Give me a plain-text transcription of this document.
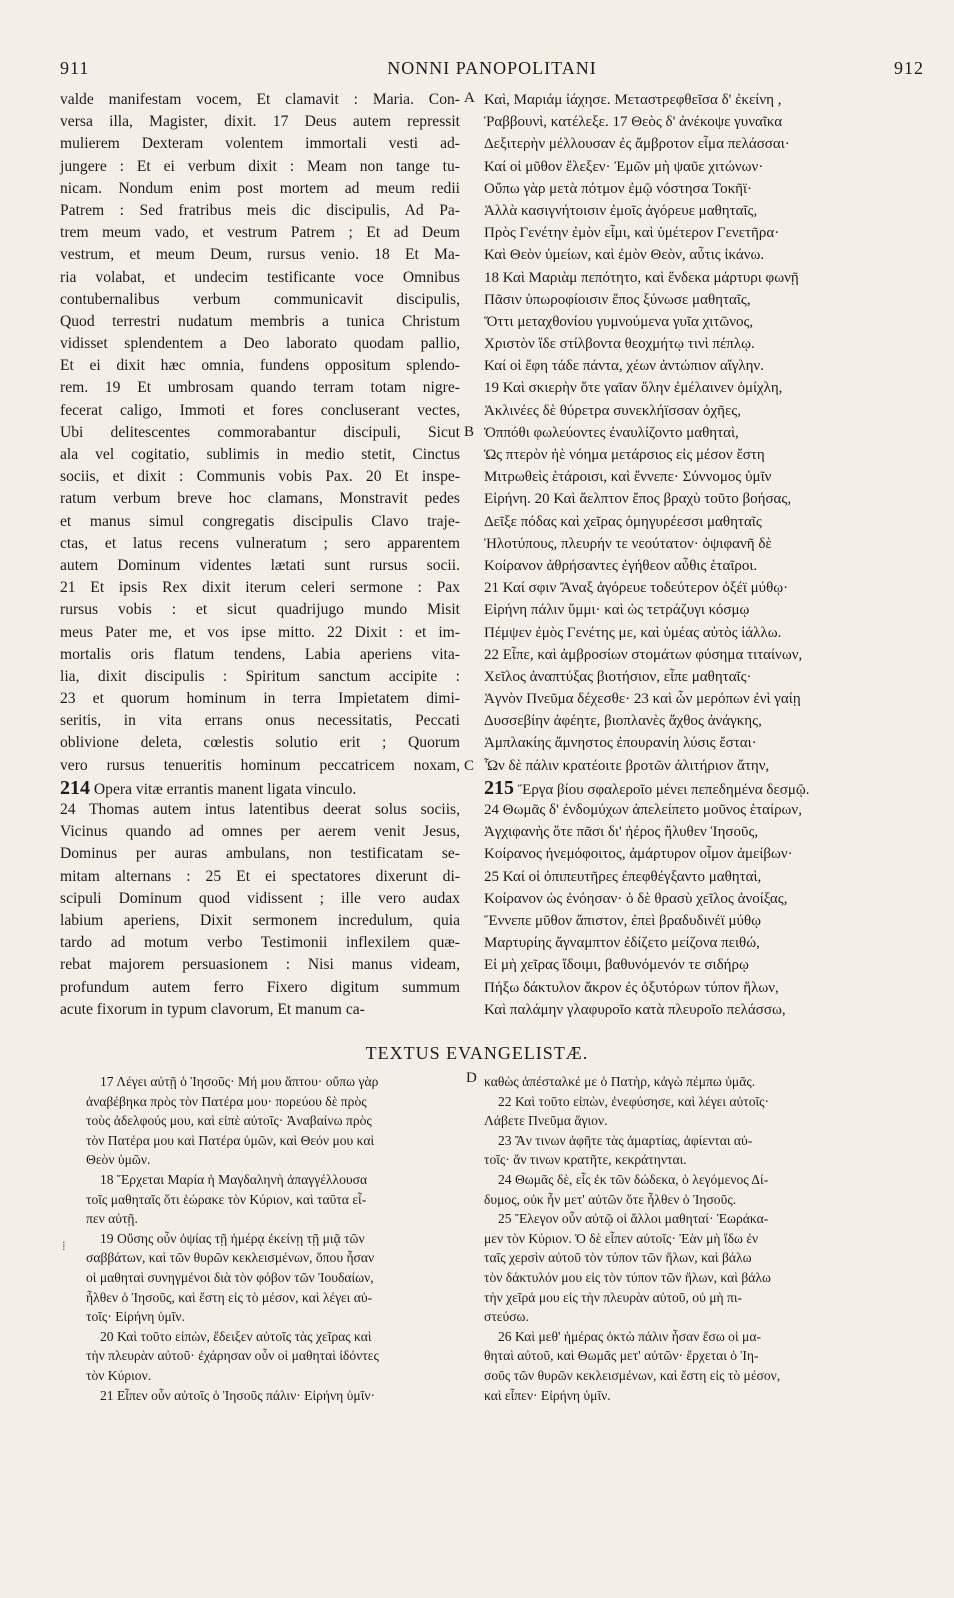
911	NONNI PANOPOLITANI	912
A
B
C
D
valde manifestam vocem, Et clamavit : Maria. Con-
versa illa, Magister, dixit. 17 Deus autem repressit
mulierem Dexteram volentem immortali vesti ad-
jungere : Et ei verbum dixit : Meam non tange tu-
nicam. Nondum enim post mortem ad meum redii
Patrem : Sed fratribus meis dic discipulis, Ad Pa-
trem meum vado, et vestrum Patrem ; Et ad Deum
vestrum, et meum Deum, rursus venio. 18 Et Ma-
ria volabat, et undecim testificante voce Omnibus
contubernalibus verbum communicavit discipulis,
Quod terrestri nudatum membris a tunica Christum
vidisset splendentem a Deo laborato quodam pallio,
Et ei dixit hæc omnia, fundens oppositum splendo-
rem. 19 Et umbrosam quando terram totam nigre-
fecerat caligo, Immoti et fores concluserant vectes,
Ubi delitescentes commorabantur discipuli, Sicut
ala vel cogitatio, sublimis in medio stetit, Cinctus
sociis, et dixit : Communis vobis Pax. 20 Et inspe-
ratum verbum breve hoc clamans, Monstravit pedes
et manus simul congregatis discipulis Clavo traje-
ctas, et latus recens vulneratum ; sero apparentem
autem Dominum videntes lætati sunt rursus socii.
21 Et ipsis Rex dixit iterum celeri sermone : Pax
rursus vobis : et sicut quadrijugo mundo Misit
meus Pater me, et vos ipse mitto. 22 Dixit : et im-
mortalis oris flatum tendens, Labia aperiens vita-
lia, dixit discipulis : Spiritum sanctum accipite :
23 et quorum hominum in terra Impietatem dimi-
seritis, in vita errans onus necessitatis, Peccati
oblivione deleta, cœlestis solutio erit ; Quorum
vero rursus tenueritis hominum peccatricem noxam,
214 Opera vitæ errantis manent ligata vinculo.
24 Thomas autem intus latentibus deerat solus sociis,
Vicinus quando ad omnes per aerem venit Jesus,
Dominus per auras ambulans, non testificatam se-
mitam alternans : 25 Et ei spectatores dixerunt di-
scipuli Dominum quod vidissent ; ille vero audax
labium aperiens, Dixit sermonem incredulum, quia
tardo ad motum verbo Testimonii inflexilem quæ-
rebat majorem persuasionem : Nisi manus videam,
profundum autem ferro Fixero digitum summum
acute fixorum in typum clavorum, Et manum ca-
Καὶ, Μαριάμ ἰάχησε. Μεταστρεφθεῖσα δ' ἐκείνη ,
Ῥαββουνὶ, κατέλεξε. 17 Θεὸς δ' ἀνέκοψε γυναῖκα
Δεξιτερὴν μέλλουσαν ἐς ἄμβροτον εἷμα πελάσσαι·
Καί οἱ μῦθον ἔλεξεν· Ἐμῶν μὴ ψαῦε χιτώνων·
Οὔπω γὰρ μετὰ πότμον ἐμῷ νόστησα Τοκῆϊ·
Ἀλλὰ κασιγνήτοισιν ἐμοῖς ἀγόρευε μαθηταῖς,
Πρὸς Γενέτην ἐμὸν εἶμι, καὶ ὑμέτερον Γενετῆρα·
Καὶ Θεὸν ὑμείων, καὶ ἐμὸν Θεὸν, αὖτις ἱκάνω.
18 Καὶ Μαριὰμ πεπότητο, καὶ ἕνδεκα μάρτυρι φωνῇ
Πᾶσιν ὑπωροφίοισιν ἔπος ξύνωσε μαθηταῖς,
Ὅττι μεταχθονίου γυμνούμενα γυῖα χιτῶνος,
Χριστὸν ἴδε στίλβοντα θεοχμήτῳ τινὶ πέπλῳ.
Καί οἱ ἔφη τάδε πάντα, χέων ἀντώπιον αἴγλην.
19 Καὶ σκιερὴν ὅτε γαῖαν ὅλην ἐμέλαινεν ὀμίχλη,
Ἀκλινέες δὲ θύρετρα συνεκλήϊσσαν ὀχῆες,
Ὁππόθι φωλεύοντες ἐναυλίζοντο μαθηταὶ,
Ὡς πτερὸν ἠὲ νόημα μετάρσιος εἰς μέσον ἔστη
Μιτρωθεὶς ἑτάροισι, καὶ ἔννεπε· Σύννομος ὑμῖν
Εἰρήνη. 20 Καὶ ἄελπτον ἔπος βραχὺ τοῦτο βοήσας,
Δεῖξε πόδας καὶ χεῖρας ὁμηγυρέεσσι μαθηταῖς
Ἡλοτύπους, πλευρήν τε νεούτατον· ὀψιφανῆ δὲ
Κοίρανον ἀθρήσαντες ἐγήθεον αὖθις ἑταῖροι.
21 Καί σφιν Ἄναξ ἀγόρευε τοδεύτερον ὀξέϊ μύθῳ·
Εἰρήνη πάλιν ὕμμι· καὶ ὡς τετράζυγι κόσμῳ
Πέμψεν ἐμὸς Γενέτης με, καὶ ὑμέας αὐτὸς ἰάλλω.
22 Εἶπε, καὶ ἀμβροσίων στομάτων φύσημα τιταίνων,
Χεῖλος ἀναπτύξας βιοτήσιον, εἶπε μαθηταῖς·
Ἁγνὸν Πνεῦμα δέχεσθε· 23 καὶ ὧν μερόπων ἐνὶ γαίῃ
Δυσσεβίην ἀφέητε, βιοπλανὲς ἄχθος ἀνάγκης,
Ἀμπλακίης ἄμνηστος ἐπουρανίη λύσις ἔσται·
Ὧν δὲ πάλιν κρατέοιτε βροτῶν ἀλιτήριον ἄτην,
215 Ἔργα βίου σφαλεροῖο μένει πεπεδημένα δεσμῷ.
24 Θωμᾶς δ' ἐνδομύχων ἀπελείπετο μοῦνος ἑταίρων,
Ἀγχιφανὴς ὅτε πᾶσι δι' ἠέρος ἤλυθεν Ἰησοῦς,
Κοίρανος ἠνεμόφοιτος, ἀμάρτυρον οἶμον ἀμείβων·
25 Καί οἱ ὀπιπευτῆρες ἐπεφθέγξαντο μαθηταὶ,
Κοίρανον ὡς ἐνόησαν· ὁ δὲ θρασὺ χεῖλος ἀνοίξας,
Ἔννεπε μῦθον ἄπιστον, ἐπεὶ βραδυδινέϊ μύθῳ
Μαρτυρίης ἄγναμπτον ἐδίζετο μείζονα πειθώ,
Εἰ μὴ χεῖρας ἴδοιμι, βαθυνόμενόν τε σιδήρῳ
Πήξω δάκτυλον ἄκρον ἐς ὀξυτόρων τύπον ἥλων,
Καὶ παλάμην γλαφυροῖο κατὰ πλευροῖο πελάσσω,
TEXTUS EVANGELISTÆ.
⁞
17 Λέγει αὐτῇ ὁ Ἰησοῦς· Μή μου ἅπτου· οὔπω γὰρ
ἀναβέβηκα πρὸς τὸν Πατέρα μου· πορεύου δὲ πρὸς
τοὺς ἀδελφούς μου, καὶ εἰπὲ αὐτοῖς· Ἀναβαίνω πρὸς
τὸν Πατέρα μου καὶ Πατέρα ὑμῶν, καὶ Θεόν μου καὶ
Θεὸν ὑμῶν.
18 Ἔρχεται Μαρία ἡ Μαγδαληνὴ ἀπαγγέλλουσα
τοῖς μαθηταῖς ὅτι ἑώρακε τὸν Κύριον, καὶ ταῦτα εἶ-
πεν αὐτῇ.
19 Οὔσης οὖν ὀψίας τῇ ἡμέρᾳ ἐκείνῃ τῇ μιᾷ τῶν
σαββάτων, καὶ τῶν θυρῶν κεκλεισμένων, ὅπου ἦσαν
οἱ μαθηταὶ συνηγμένοι διὰ τὸν φόβον τῶν Ἰουδαίων,
ἦλθεν ὁ Ἰησοῦς, καὶ ἔστη εἰς τὸ μέσον, καὶ λέγει αὐ-
τοῖς· Εἰρήνη ὑμῖν.
20 Καὶ τοῦτο εἰπὼν, ἔδειξεν αὐτοῖς τὰς χεῖρας καὶ
τὴν πλευρὰν αὐτοῦ· ἐχάρησαν οὖν οἱ μαθηταὶ ἰδόντες
τὸν Κύριον.
21 Εἶπεν οὖν αὐτοῖς ὁ Ἰησοῦς πάλιν· Εἰρήνη ὑμῖν·
καθὼς ἀπέσταλκέ με ὁ Πατὴρ, κἀγὼ πέμπω ὑμᾶς.
22 Καὶ τοῦτο εἰπὼν, ἐνεφύσησε, καὶ λέγει αὐτοῖς·
Λάβετε Πνεῦμα ἅγιον.
23 Ἄν τινων ἀφῆτε τὰς ἁμαρτίας, ἀφίενται αὐ-
τοῖς· ἄν τινων κρατῆτε, κεκράτηνται.
24 Θωμᾶς δὲ, εἷς ἐκ τῶν δώδεκα, ὁ λεγόμενος Δί-
δυμος, οὐκ ἦν μετ' αὐτῶν ὅτε ἦλθεν ὁ Ἰησοῦς.
25 Ἔλεγον οὖν αὐτῷ οἱ ἄλλοι μαθηταί· Ἑωράκα-
μεν τὸν Κύριον. Ὁ δὲ εἶπεν αὐτοῖς· Ἐὰν μὴ ἴδω ἐν
ταῖς χερσὶν αὐτοῦ τὸν τύπον τῶν ἥλων, καὶ βάλω
τὸν δάκτυλόν μου εἰς τὸν τύπον τῶν ἥλων, καὶ βάλω
τὴν χεῖρά μου εἰς τὴν πλευρὰν αὐτοῦ, οὐ μὴ πι-
στεύσω.
26 Καὶ μεθ' ἡμέρας ὀκτὼ πάλιν ἦσαν ἔσω οἱ μα-
θηταὶ αὐτοῦ, καὶ Θωμᾶς μετ' αὐτῶν· ἔρχεται ὁ Ἰη-
σοῦς τῶν θυρῶν κεκλεισμένων, καὶ ἔστη εἰς τὸ μέσον,
καὶ εἶπεν· Εἰρήνη ὑμῖν.
